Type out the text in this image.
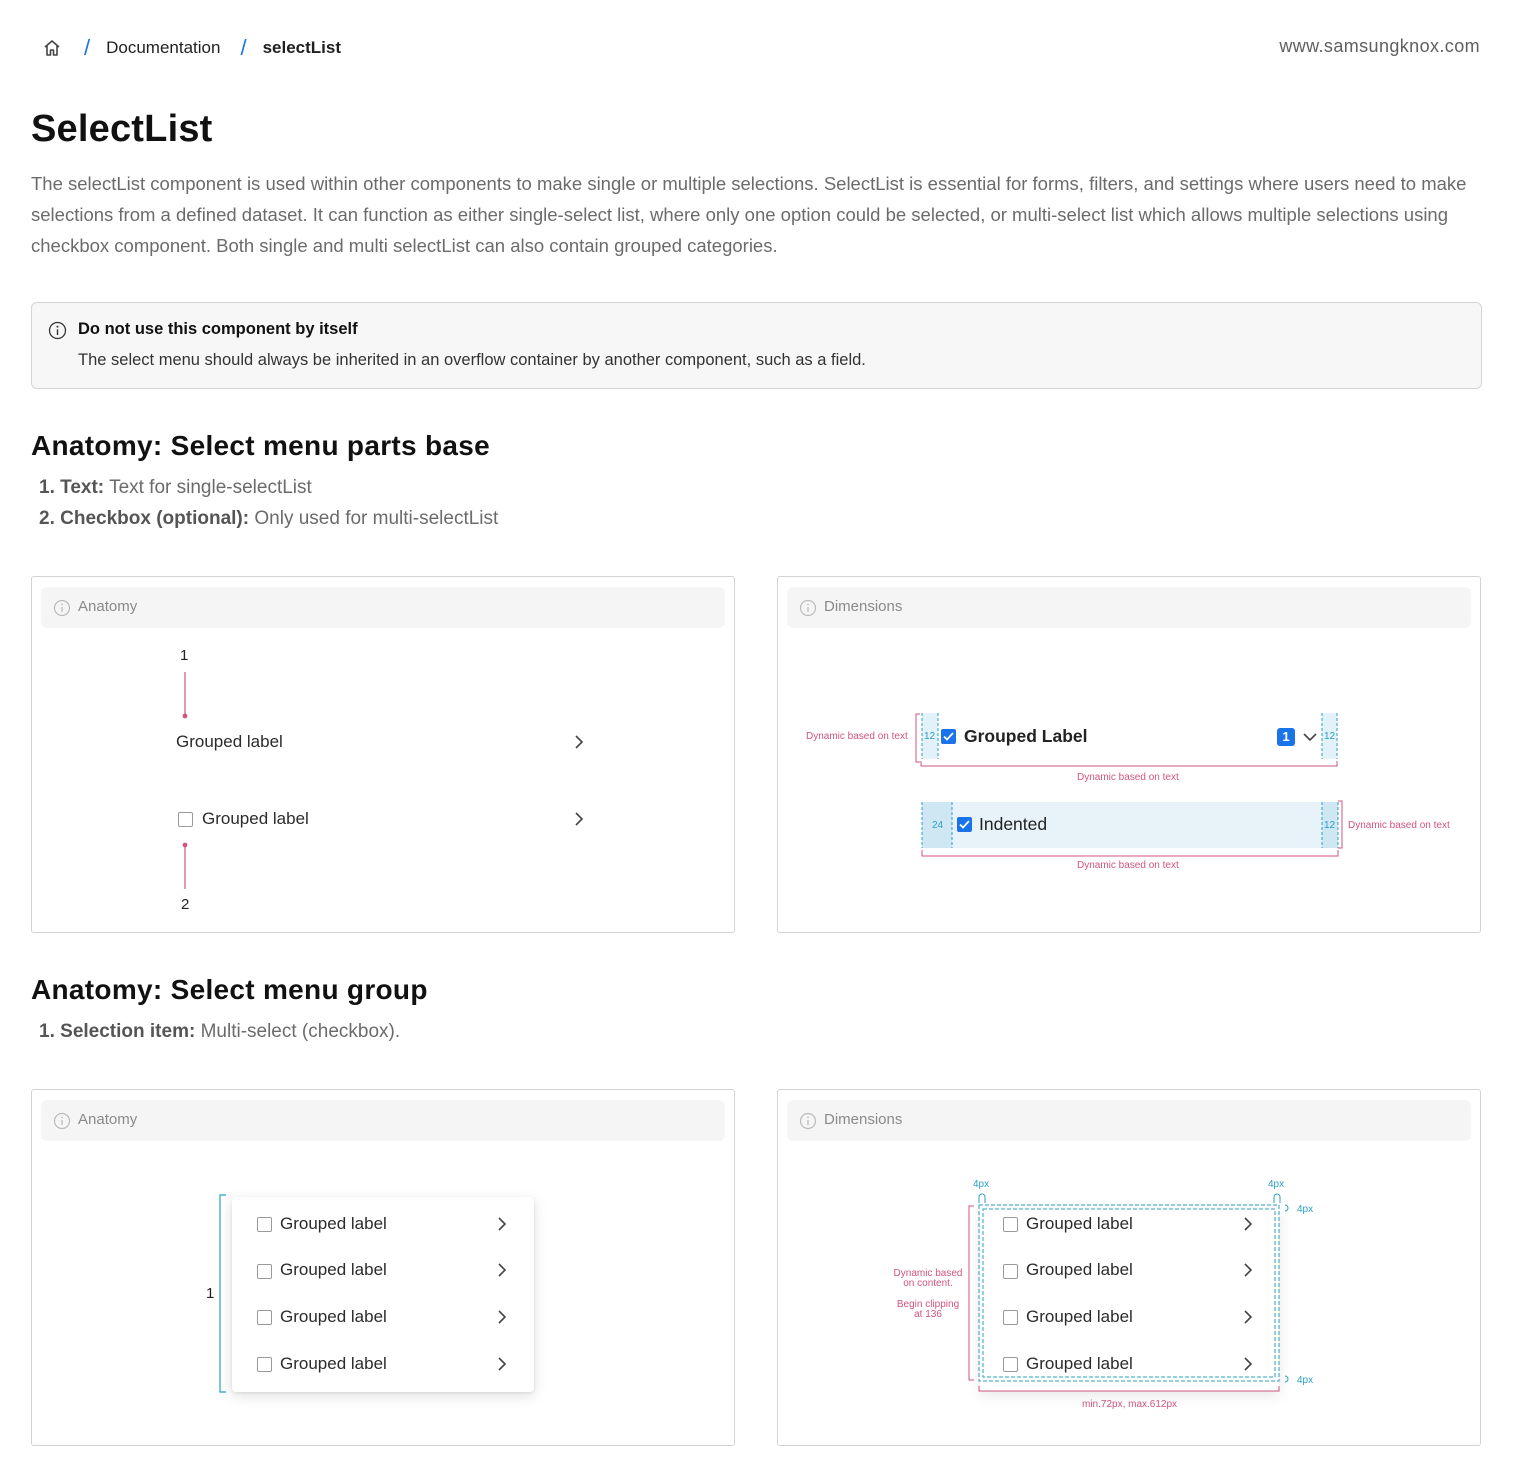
/ Documentation / selectList	www.samsungknox.com
SelectList

The selectList component is used within other components to make single or multiple selections. SelectList is essential for forms, filters, and settings where users need to make selections from a defined dataset. It can function as either single-select list, where only one option could be selected, or multi-select list which allows multiple selections using checkbox component. Both single and multi selectList can also contain grouped categories.

Do not use this component by itself
The select menu should always be inherited in an overflow container by another component, such as a field.
Anatomy: Select menu parts base
1. Text: Text for single-selectList
2. Checkbox (optional): Only used for multi-selectList
Anatomy
1
Grouped label
Grouped label
2
Dimensions
Dynamic based on text 12 Grouped Label	1	12
Dynamic based on text
24 Indented	12 Dynamic based on text
Dynamic based on text
Anatomy: Select menu group
1. Selection item: Multi-select (checkbox).
Anatomy
1
Grouped label
Grouped label
Grouped label
Grouped label
Dimensions
4px	4px
4px
4px
Dynamic based on content.
Begin clipping at 136
min.72px, max.612px
Grouped label
Grouped label
Grouped label
Grouped label
